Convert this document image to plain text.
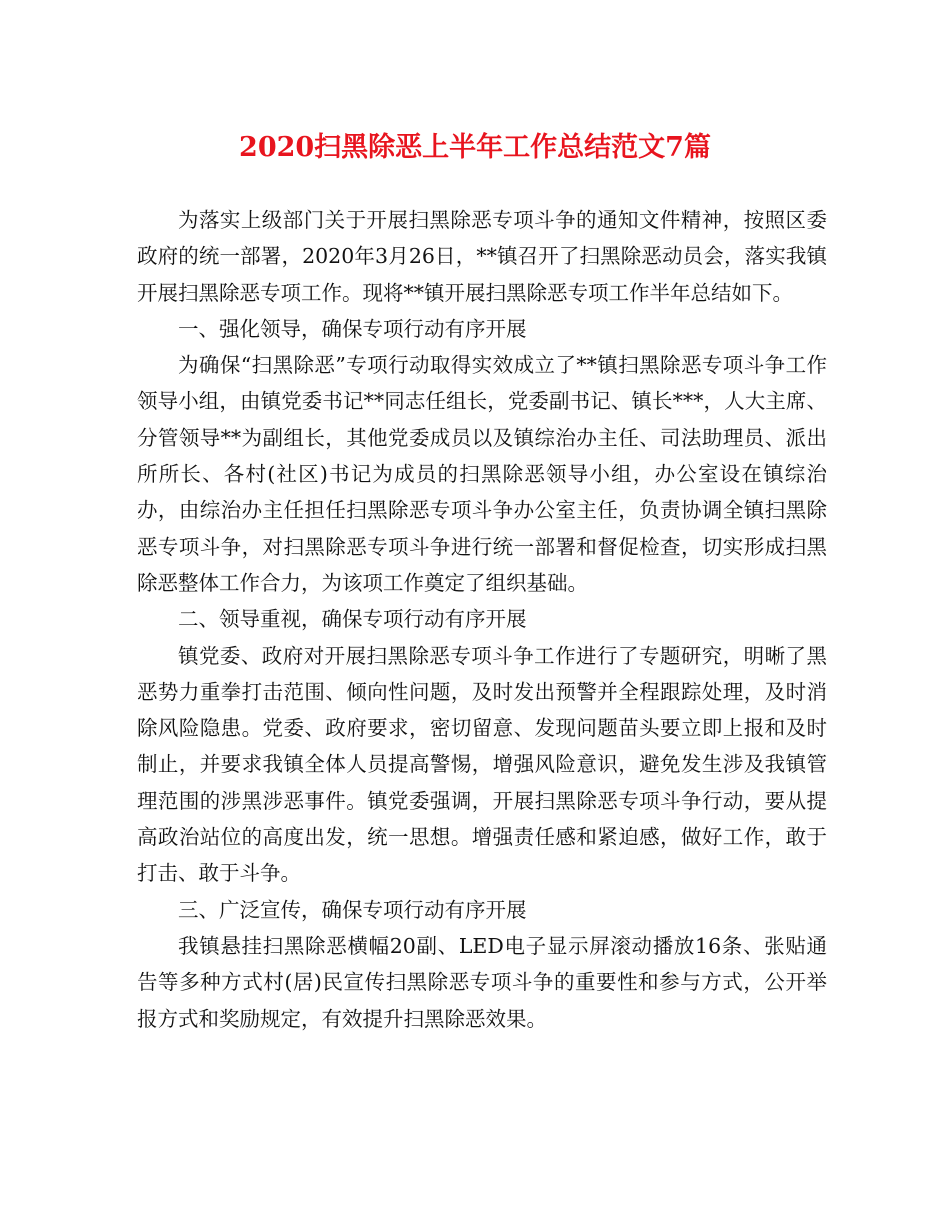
2020扫黑除恶上半年工作总结范文7篇

为落实上级部门关于开展扫黑除恶专项斗争的通知文件精神，按照区委政府的统一部署，2020年3月26日，**镇召开了扫黑除恶动员会，落实我镇开展扫黑除恶专项工作。现将**镇开展扫黑除恶专项工作半年总结如下。

一、强化领导，确保专项行动有序开展

为确保“扫黑除恶”专项行动取得实效成立了**镇扫黑除恶专项斗争工作领导小组，由镇党委书记**同志任组长，党委副书记、镇长***，人大主席、分管领导**为副组长，其他党委成员以及镇综治办主任、司法助理员、派出所所长、各村(社区)书记为成员的扫黑除恶领导小组，办公室设在镇综治办，由综治办主任担任扫黑除恶专项斗争办公室主任，负责协调全镇扫黑除恶专项斗争，对扫黑除恶专项斗争进行统一部署和督促检查，切实形成扫黑除恶整体工作合力，为该项工作奠定了组织基础。

二、领导重视，确保专项行动有序开展

镇党委、政府对开展扫黑除恶专项斗争工作进行了专题研究，明晰了黑恶势力重拳打击范围、倾向性问题，及时发出预警并全程跟踪处理，及时消除风险隐患。党委、政府要求，密切留意、发现问题苗头要立即上报和及时制止，并要求我镇全体人员提高警惕，增强风险意识，避免发生涉及我镇管理范围的涉黑涉恶事件。镇党委强调，开展扫黑除恶专项斗争行动，要从提高政治站位的高度出发，统一思想。增强责任感和紧迫感，做好工作，敢于打击、敢于斗争。

三、广泛宣传，确保专项行动有序开展

我镇悬挂扫黑除恶横幅20副、LED电子显示屏滚动播放16条、张贴通告等多种方式村(居)民宣传扫黑除恶专项斗争的重要性和参与方式，公开举报方式和奖励规定，有效提升扫黑除恶效果。
